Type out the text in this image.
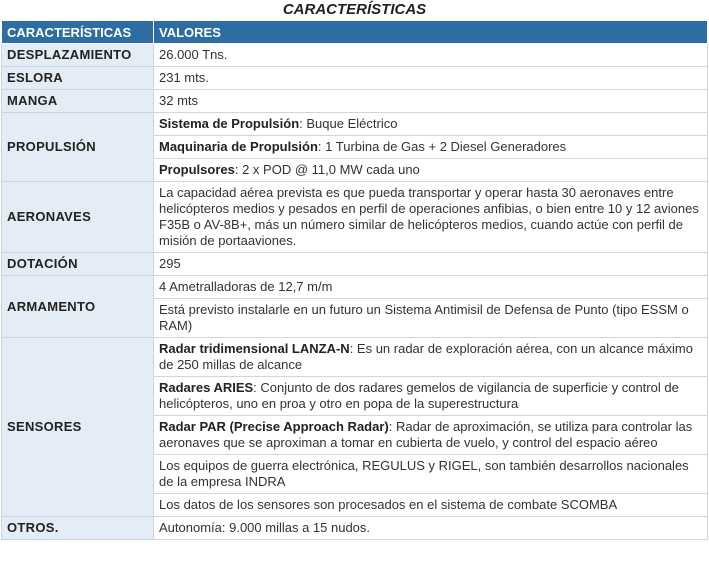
CARACTERÍSTICAS
CARACTERÍSTICAS	VALORES
DESPLAZAMIENTO	26.000 Tns.
ESLORA	231 mts.
MANGA	32 mts
PROPULSIÓN	Sistema de Propulsión: Buque Eléctrico
	Maquinaria de Propulsión: 1 Turbina de Gas + 2 Diesel Generadores
	Propulsores: 2 x POD @ 11,0 MW cada uno
AERONAVES	La capacidad aérea prevista es que pueda transportar y operar hasta 30 aeronaves entre helicópteros medios y pesados en perfil de operaciones anfibias, o bien entre 10 y 12 aviones F35B o AV-8B+, más un número similar de helicópteros medios, cuando actúe con perfil de misión de portaaviones.
DOTACIÓN	295
ARMAMENTO	4 Ametralladoras de 12,7 m/m
	Está previsto instalarle en un futuro un Sistema Antimisil de Defensa de Punto (tipo ESSM o RAM)
SENSORES	Radar tridimensional LANZA-N: Es un radar de exploración aérea, con un alcance máximo de 250 millas de alcance
	Radares ARIES: Conjunto de dos radares gemelos de vigilancia de superficie y control de helicópteros, uno en proa y otro en popa de la superestructura
	Radar PAR (Precise Approach Radar): Radar de aproximación, se utiliza para controlar las aeronaves que se aproximan a tomar en cubierta de vuelo, y control del espacio aéreo
	Los equipos de guerra electrónica, REGULUS y RIGEL, son también desarrollos nacionales de la empresa INDRA
	Los datos de los sensores son procesados en el sistema de combate SCOMBA
OTROS.	Autonomía: 9.000 millas a 15 nudos.
